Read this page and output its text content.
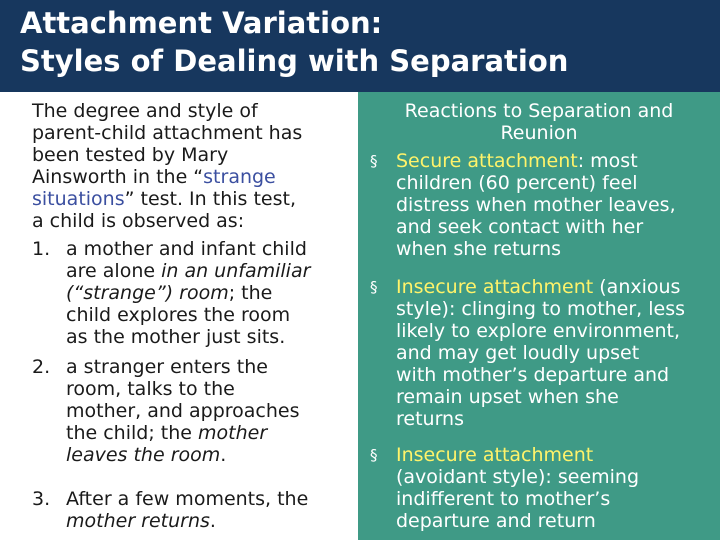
Attachment Variation:
Styles of Dealing with Separation
The degree and style of
parent-child attachment has
been tested by Mary
Ainsworth in the “strange
situations” test. In this test,
a child is observed as:
1. a mother and infant child
are alone in an unfamiliar
(“strange”) room; the
child explores the room
as the mother just sits.
2. a stranger enters the
room, talks to the
mother, and approaches
the child; the mother
leaves the room.
3. After a few moments, the
mother returns.
Reactions to Separation and
Reunion
§ Secure attachment: most
children (60 percent) feel
distress when mother leaves,
and seek contact with her
when she returns
§ Insecure attachment (anxious
style): clinging to mother, less
likely to explore environment,
and may get loudly upset
with mother’s departure and
remain upset when she
returns
§ Insecure attachment
(avoidant style): seeming
indifferent to mother’s
departure and return
